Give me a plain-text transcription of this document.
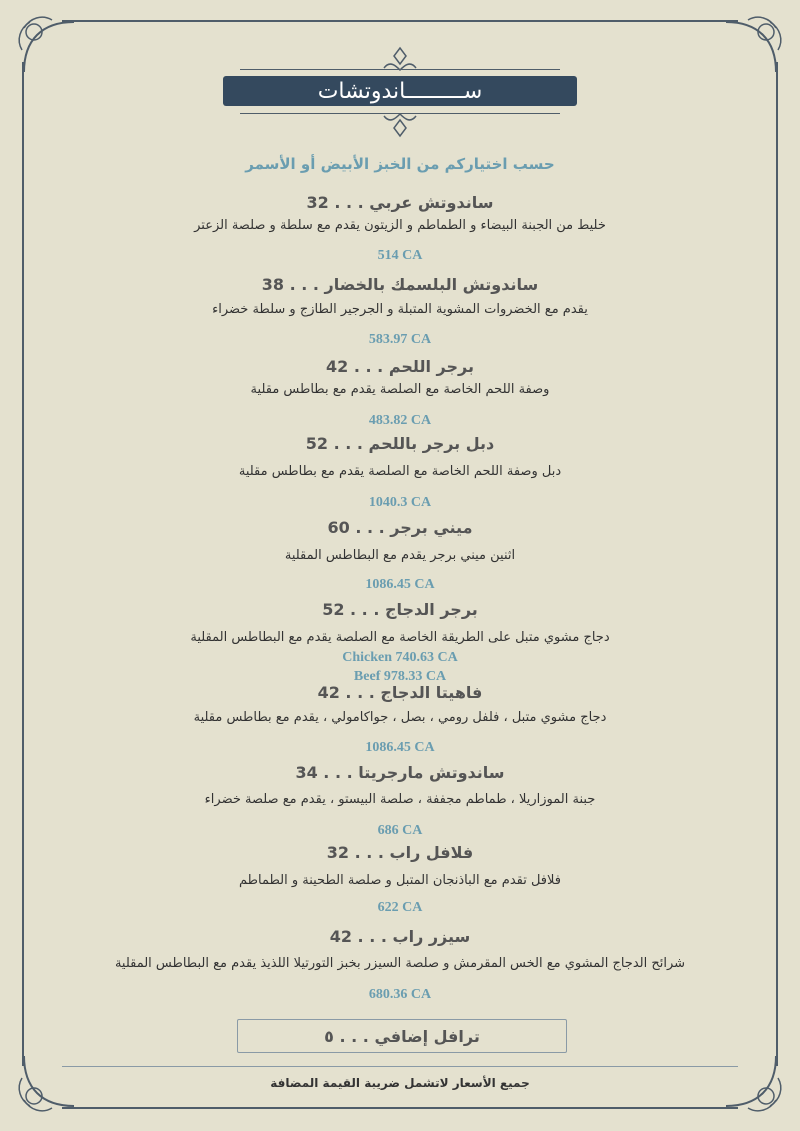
ســـــــــاندوتشات
حسب اختياركم من الخبز الأبيض أو الأسمر
ساندوتش عربي . . . 32
خليط من الجبنة البيضاء و الطماطم و الزيتون يقدم مع سلطة و صلصة الزعتر
514 CA
ساندوتش البلسمك بالخضار . . . 38
يقدم مع الخضروات المشوية المتبلة و الجرجير الطازج و سلطة خضراء
583.97 CA
برجر اللحم . . . 42
وصفة اللحم الخاصة مع الصلصة يقدم مع بطاطس مقلية
483.82 CA
دبل برجر باللحم . . . 52
دبل وصفة اللحم الخاصة مع الصلصة يقدم مع بطاطس مقلية
1040.3 CA
ميني برجر . . . 60
اثنين ميني برجر يقدم مع البطاطس المقلية
1086.45 CA
برجر الدجاج . . . 52
دجاج مشوي متبل على الطريقة الخاصة مع الصلصة يقدم مع البطاطس المقلية
Chicken 740.63 CA
Beef 978.33 CA
فاهيتا الدجاج . . . 42
دجاج مشوي متبل ، فلفل رومي ، بصل ، جواكامولي ، يقدم مع بطاطس مقلية
1086.45 CA
ساندوتش مارجريتا . . . 34
جبنة الموزاريلا ، طماطم مجففة ، صلصة البيستو ، يقدم مع صلصة خضراء
686 CA
فلافل راب . . . 32
فلافل تقدم مع الباذنجان المتبل و صلصة الطحينة و الطماطم
622 CA
سيزر راب . . . 42
شرائح الدجاج المشوي مع الخس المقرمش و صلصة السيزر بخبز التورتيلا اللذيذ يقدم مع البطاطس المقلية
680.36 CA
ترافل إضافي . . . ٥
جميع الأسعار لاتشمل ضريبة القيمة المضافة
